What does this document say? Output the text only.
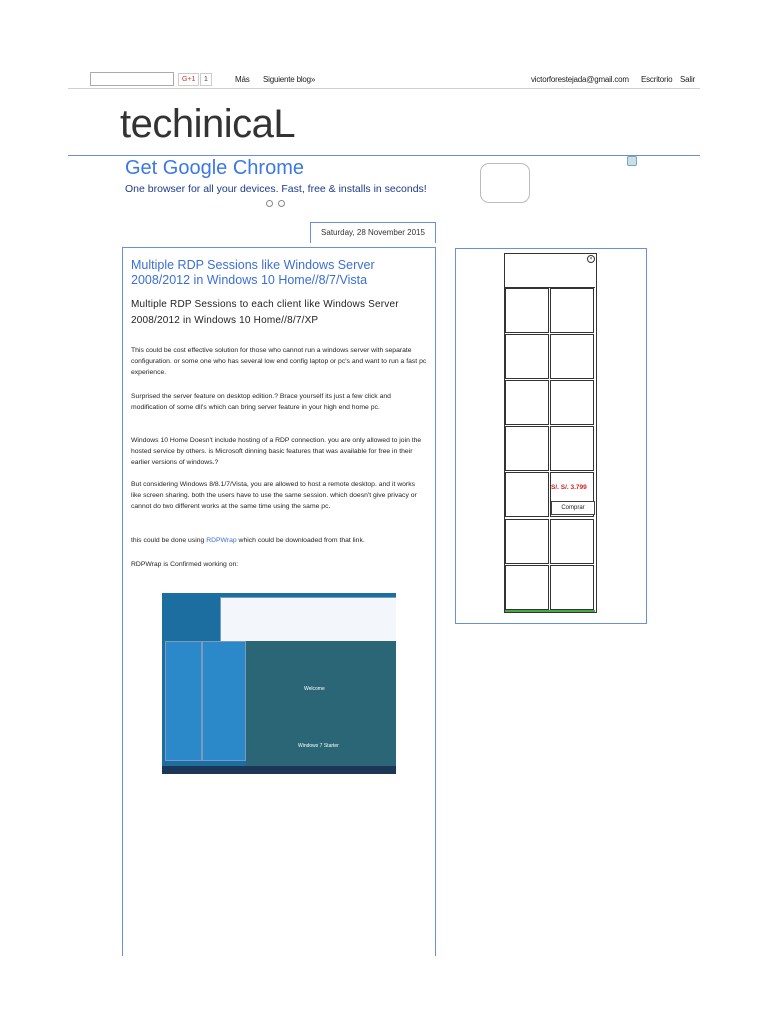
G+1	1	Más Siguiente blog»	victorforestejada@gmail.com Escritorio Salir
techinicaL
Get Google Chrome
One browser for all your devices. Fast, free & installs in seconds!
Saturday, 28 November 2015
Multiple RDP Sessions like Windows Server 2008/2012 in Windows 10 Home//8/7/Vista
Multiple RDP Sessions to each client like Windows Server 2008/2012 in Windows 10 Home//8/7/XP
This could be cost effective solution for those who cannot run a windows server with separate configuration. or some one who has several low end config laptop or pc's and want to run a fast pc experience.
Surprised the server feature on desktop edition.? Brace yourself its just a few click and modification of some dll's which can bring server feature in your high end home pc.
Windows 10 Home Doesn't include hosting of a RDP connection. you are only allowed to join the hosted service by others. is Microsoft dinning basic features that was available for free in their earlier versions of windows.?
But considering Windows 8/8.1/7/Vista, you are allowed to host a remote desktop. and it works like screen sharing. both the users have to use the same session. which doesn't give privacy or cannot do two different works at the same time using the same pc.
this could be done using RDPWrap which could be downloaded from that link.
RDPWrap is Confirmed working on:
Welcome
Windows 7 Starter
×
S/. S/. 3.799
Comprar
